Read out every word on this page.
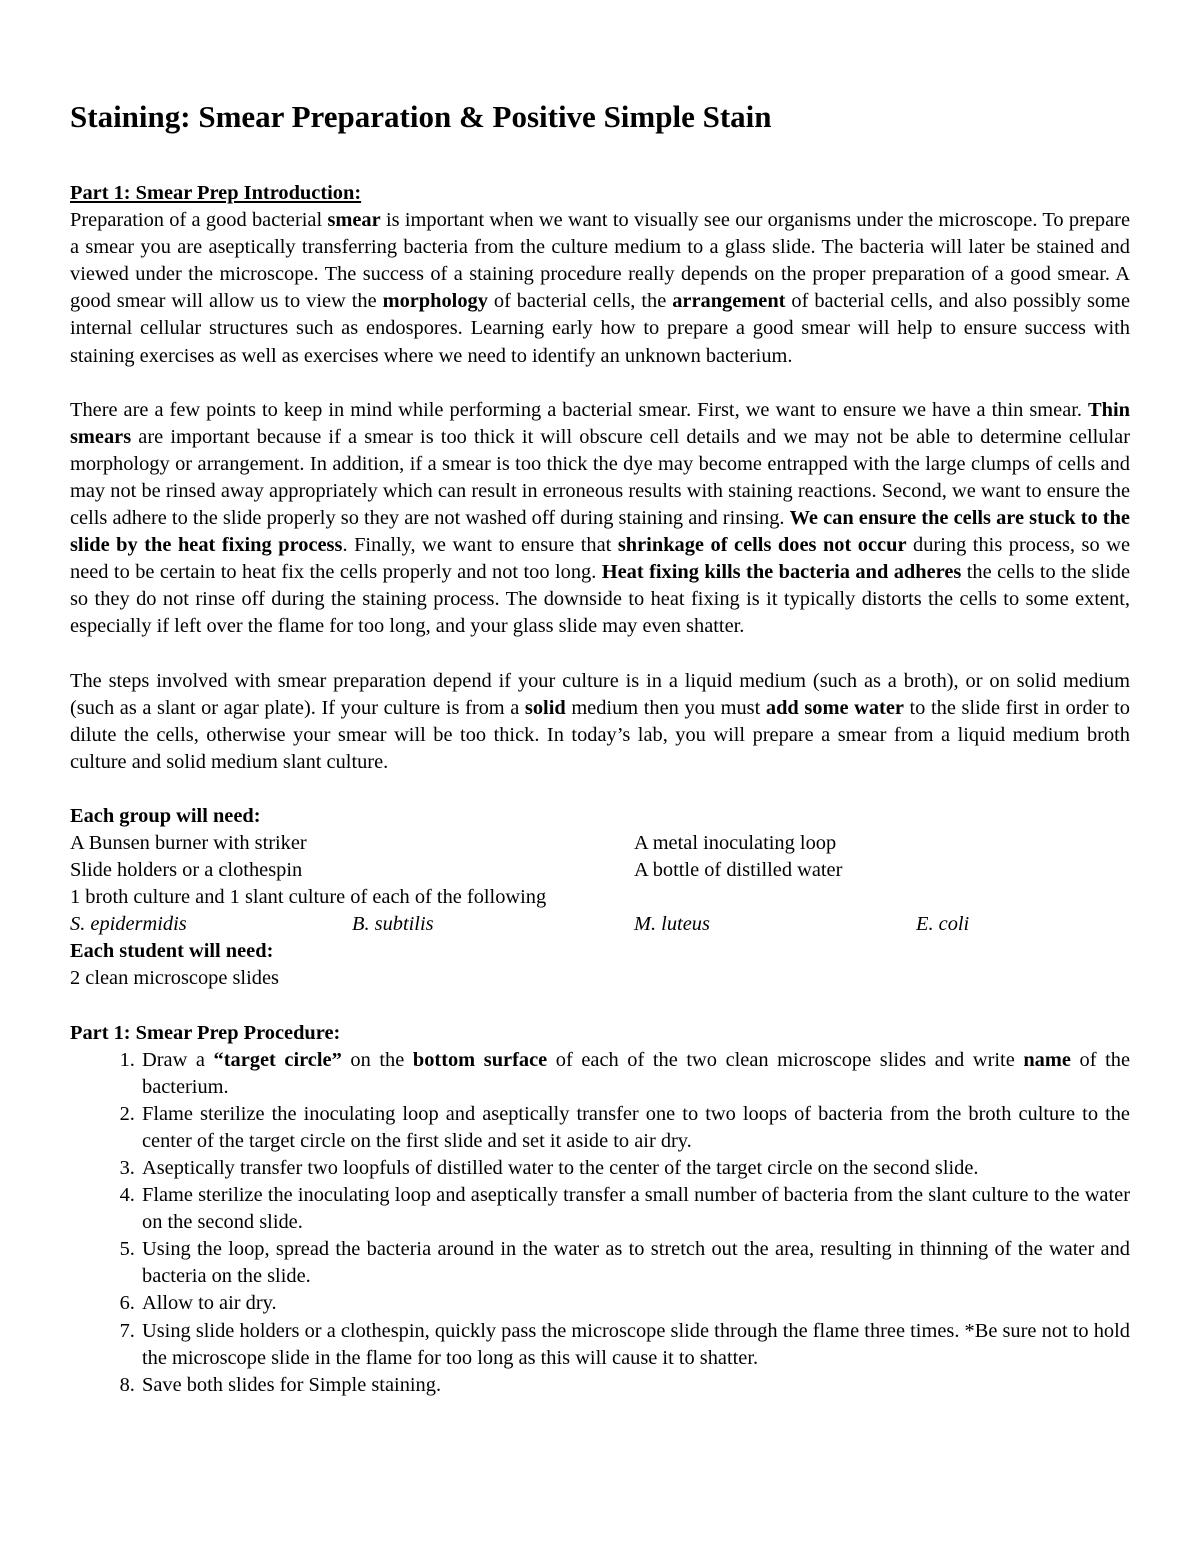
Staining: Smear Preparation & Positive Simple Stain
Part 1: Smear Prep Introduction:

Preparation of a good bacterial smear is important when we want to visually see our organisms under the microscope. To prepare a smear you are aseptically transferring bacteria from the culture medium to a glass slide. The bacteria will later be stained and viewed under the microscope. The success of a staining procedure really depends on the proper preparation of a good smear. A good smear will allow us to view the morphology of bacterial cells, the arrangement of bacterial cells, and also possibly some internal cellular structures such as endospores. Learning early how to prepare a good smear will help to ensure success with staining exercises as well as exercises where we need to identify an unknown bacterium.

There are a few points to keep in mind while performing a bacterial smear. First, we want to ensure we have a thin smear. Thin smears are important because if a smear is too thick it will obscure cell details and we may not be able to determine cellular morphology or arrangement. In addition, if a smear is too thick the dye may become entrapped with the large clumps of cells and may not be rinsed away appropriately which can result in erroneous results with staining reactions. Second, we want to ensure the cells adhere to the slide properly so they are not washed off during staining and rinsing. We can ensure the cells are stuck to the slide by the heat fixing process. Finally, we want to ensure that shrinkage of cells does not occur during this process, so we need to be certain to heat fix the cells properly and not too long. Heat fixing kills the bacteria and adheres the cells to the slide so they do not rinse off during the staining process. The downside to heat fixing is it typically distorts the cells to some extent, especially if left over the flame for too long, and your glass slide may even shatter.

The steps involved with smear preparation depend if your culture is in a liquid medium (such as a broth), or on solid medium (such as a slant or agar plate). If your culture is from a solid medium then you must add some water to the slide first in order to dilute the cells, otherwise your smear will be too thick. In today’s lab, you will prepare a smear from a liquid medium broth culture and solid medium slant culture.

Each group will need:
A Bunsen burner with striker	A metal inoculating loop
Slide holders or a clothespin	A bottle of distilled water
1 broth culture and 1 slant culture of each of the following
S. epidermidis	B. subtilis	M. luteus	E. coli
Each student will need:
2 clean microscope slides
Part 1: Smear Prep Procedure:
1. Draw a “target circle” on the bottom surface of each of the two clean microscope slides and write name of the bacterium.
2. Flame sterilize the inoculating loop and aseptically transfer one to two loops of bacteria from the broth culture to the center of the target circle on the first slide and set it aside to air dry.
3. Aseptically transfer two loopfuls of distilled water to the center of the target circle on the second slide.
4. Flame sterilize the inoculating loop and aseptically transfer a small number of bacteria from the slant culture to the water on the second slide.
5. Using the loop, spread the bacteria around in the water as to stretch out the area, resulting in thinning of the water and bacteria on the slide.
6. Allow to air dry.
7. Using slide holders or a clothespin, quickly pass the microscope slide through the flame three times. *Be sure not to hold the microscope slide in the flame for too long as this will cause it to shatter.
8. Save both slides for Simple staining.
